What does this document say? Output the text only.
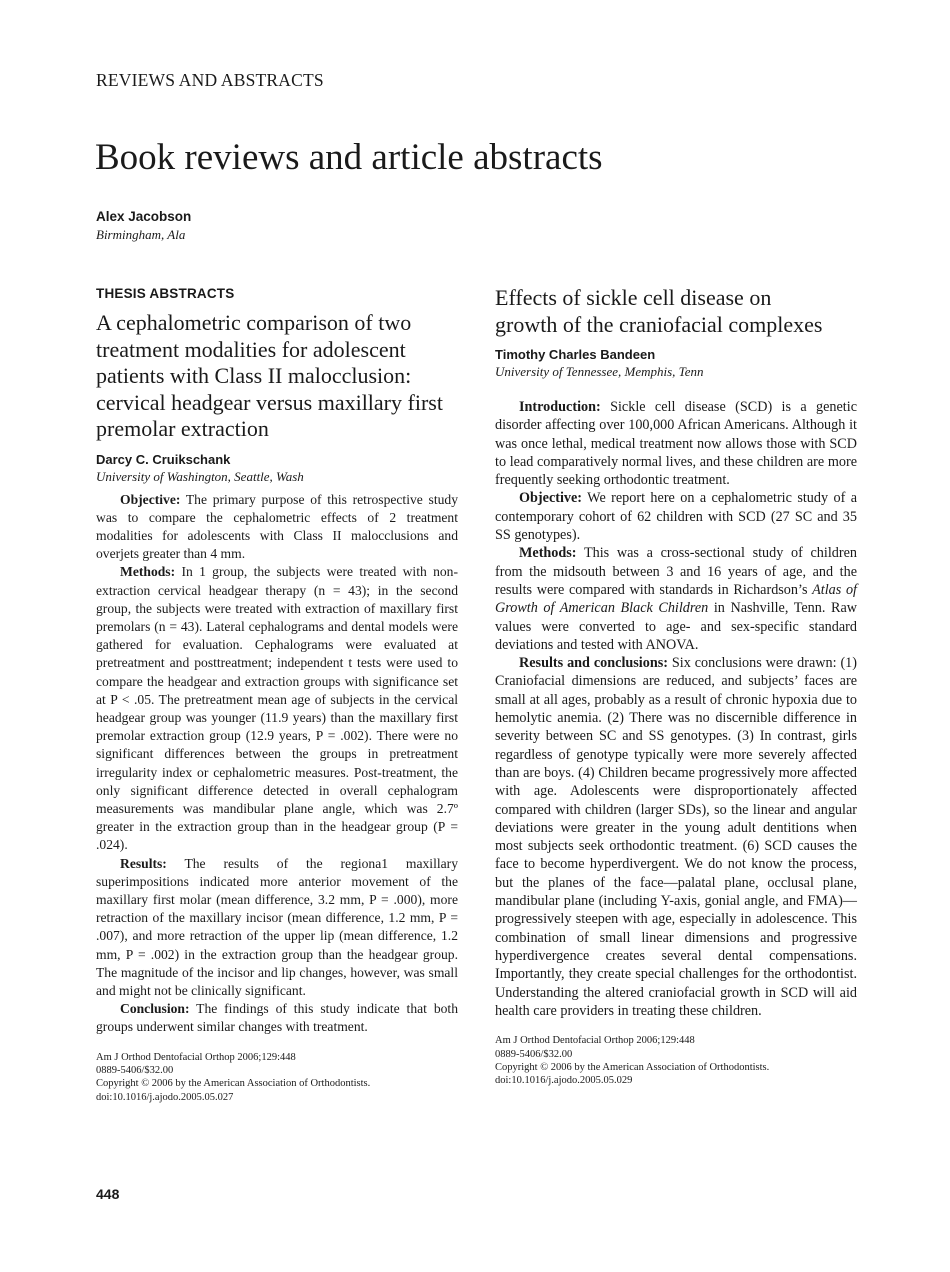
REVIEWS AND ABSTRACTS
Book reviews and article abstracts
Alex Jacobson
Birmingham, Ala
THESIS ABSTRACTS
A cephalometric comparison of two treatment modalities for adolescent patients with Class II malocclusion: cervical headgear versus maxillary first premolar extraction
Darcy C. Cruikschank
University of Washington, Seattle, Wash

Objective: The primary purpose of this retrospective study was to compare the cephalometric effects of 2 treatment modalities for adolescents with Class II malocclusions and overjets greater than 4 mm.

Methods: In 1 group, the subjects were treated with non-extraction cervical headgear therapy (n = 43); in the second group, the subjects were treated with extraction of maxillary first premolars (n = 43). Lateral cephalograms and dental models were gathered for evaluation. Cephalograms were evaluated at pretreatment and posttreatment; independent t tests were used to compare the headgear and extraction groups with significance set at P < .05. The pretreatment mean age of subjects in the cervical headgear group was younger (11.9 years) than the maxillary first premolar extraction group (12.9 years, P = .002). There were no significant differences between the groups in pretreatment irregularity index or cephalometric measures. Post-treatment, the only significant difference detected in overall cephalogram measurements was mandibular plane angle, which was 2.7º greater in the extraction group than in the headgear group (P = .024).

Results: The results of the regiona1 maxillary superimpositions indicated more anterior movement of the maxillary first molar (mean difference, 3.2 mm, P = .000), more retraction of the maxillary incisor (mean difference, 1.2 mm, P = .007), and more retraction of the upper lip (mean difference, 1.2 mm, P = .002) in the extraction group than the headgear group. The magnitude of the incisor and lip changes, however, was small and might not be clinically significant.

Conclusion: The findings of this study indicate that both groups underwent similar changes with treatment.

Am J Orthod Dentofacial Orthop 2006;129:448
0889-5406/$32.00
Copyright © 2006 by the American Association of Orthodontists.
doi:10.1016/j.ajodo.2005.05.027
Effects of sickle cell disease on growth of the craniofacial complexes
Timothy Charles Bandeen
University of Tennessee, Memphis, Tenn

Introduction: Sickle cell disease (SCD) is a genetic disorder affecting over 100,000 African Americans. Although it was once lethal, medical treatment now allows those with SCD to lead comparatively normal lives, and these children are more frequently seeking orthodontic treatment.

Objective: We report here on a cephalometric study of a contemporary cohort of 62 children with SCD (27 SC and 35 SS genotypes).

Methods: This was a cross-sectional study of children from the midsouth between 3 and 16 years of age, and the results were compared with standards in Richardson’s Atlas of Growth of American Black Children in Nashville, Tenn. Raw values were converted to age- and sex-specific standard deviations and tested with ANOVA.

Results and conclusions: Six conclusions were drawn: (1) Craniofacial dimensions are reduced, and subjects’ faces are small at all ages, probably as a result of chronic hypoxia due to hemolytic anemia. (2) There was no discernible difference in severity between SC and SS genotypes. (3) In contrast, girls regardless of genotype typically were more severely affected than are boys. (4) Children became progressively more affected with age. Adolescents were disproportionately affected compared with children (larger SDs), so the linear and angular deviations were greater in the young adult dentitions when most subjects seek orthodontic treatment. (6) SCD causes the face to become hyperdivergent. We do not know the process, but the planes of the face—palatal plane, occlusal plane, mandibular plane (including Y-axis, gonial angle, and FMA)—progressively steepen with age, especially in adolescence. This combination of small linear dimensions and progressive hyperdivergence creates several dental compensations. Importantly, they create special challenges for the orthodontist. Understanding the altered craniofacial growth in SCD will aid health care providers in treating these children.

Am J Orthod Dentofacial Orthop 2006;129:448
0889-5406/$32.00
Copyright © 2006 by the American Association of Orthodontists.
doi:10.1016/j.ajodo.2005.05.029
448
